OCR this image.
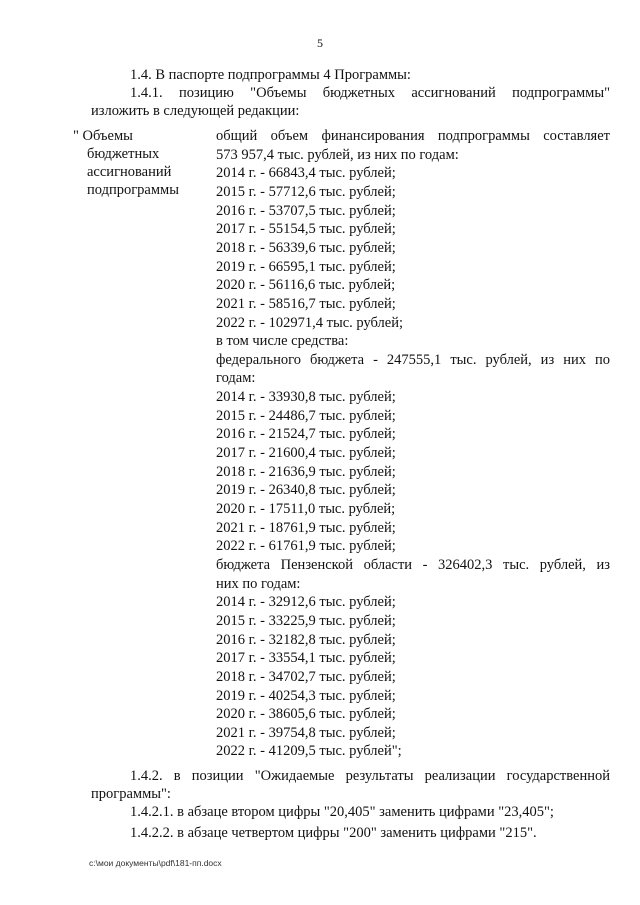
5
1.4. В паспорте подпрограммы 4 Программы:
1.4.1. позицию "Объемы бюджетных ассигнований подпрограммы"
изложить в следующей редакции:
" Объемы
бюджетных
ассигнований
подпрограммы
общий объем финансирования подпрограммы составляет
573 957,4 тыс. рублей, из них по годам:
2014 г. - 66843,4 тыс. рублей;
2015 г. - 57712,6 тыс. рублей;
2016 г. - 53707,5 тыс. рублей;
2017 г. - 55154,5 тыс. рублей;
2018 г. - 56339,6 тыс. рублей;
2019 г. - 66595,1 тыс. рублей;
2020 г. - 56116,6 тыс. рублей;
2021 г. - 58516,7 тыс. рублей;
2022 г. - 102971,4 тыс. рублей;
в том числе средства:
федерального бюджета - 247555,1 тыс. рублей, из них по
годам:
2014 г. - 33930,8 тыс. рублей;
2015 г. - 24486,7 тыс. рублей;
2016 г. - 21524,7 тыс. рублей;
2017 г. - 21600,4 тыс. рублей;
2018 г. - 21636,9 тыс. рублей;
2019 г. - 26340,8 тыс. рублей;
2020 г. - 17511,0 тыс. рублей;
2021 г. - 18761,9 тыс. рублей;
2022 г. - 61761,9 тыс. рублей;
бюджета Пензенской области - 326402,3 тыс. рублей, из
них по годам:
2014 г. - 32912,6 тыс. рублей;
2015 г. - 33225,9 тыс. рублей;
2016 г. - 32182,8 тыс. рублей;
2017 г. - 33554,1 тыс. рублей;
2018 г. - 34702,7 тыс. рублей;
2019 г. - 40254,3 тыс. рублей;
2020 г. - 38605,6 тыс. рублей;
2021 г. - 39754,8 тыс. рублей;
2022 г. - 41209,5 тыс. рублей";
1.4.2. в позиции "Ожидаемые результаты реализации государственной
программы":
1.4.2.1. в абзаце втором цифры "20,405" заменить цифрами "23,405";
1.4.2.2. в абзаце четвертом цифры "200" заменить цифрами "215".
c:\мои документы\pdf\181-пп.docx
